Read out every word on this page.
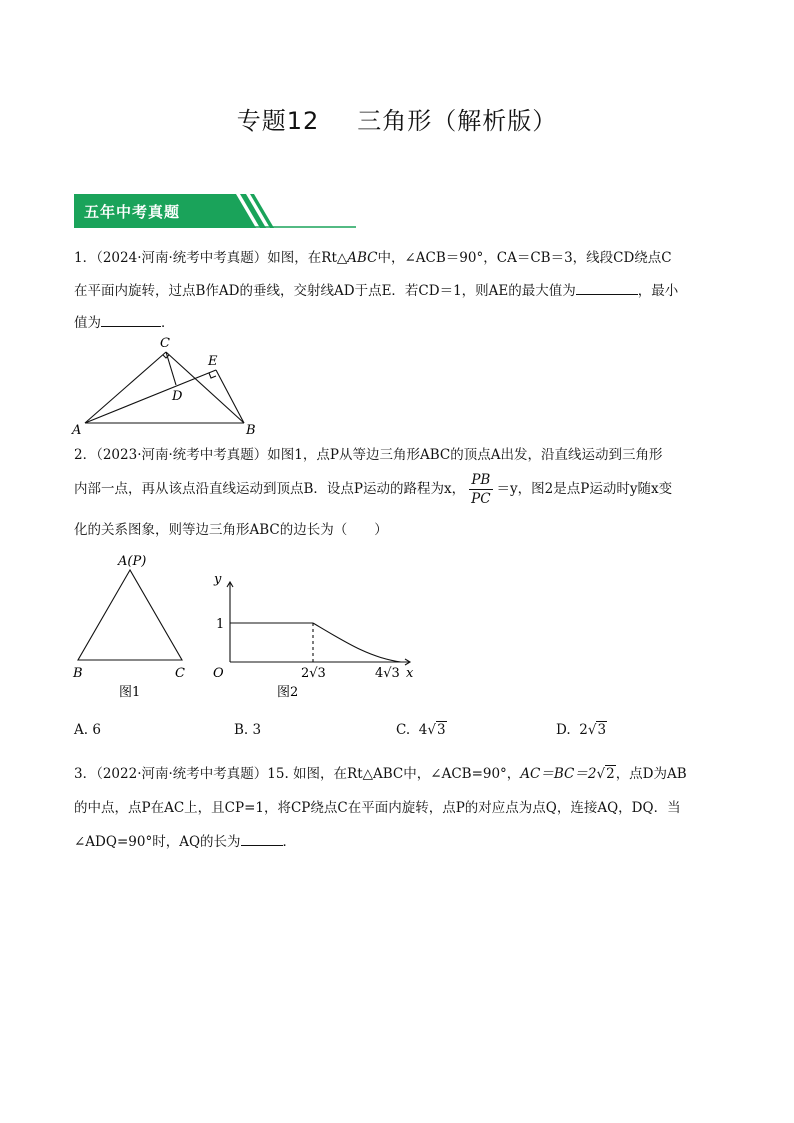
专题12 三角形（解析版）
五年中考真题
1．（2024·河南·统考中考真题）如图，在Rt△ABC中，∠ACB＝90°，CA＝CB＝3，线段CD绕点C
在平面内旋转，过点B作AD的垂线，交射线AD于点E．若CD＝1，则AE的最大值为	，最小
值为	．
C
E
D
A	B
2．（2023·河南·统考中考真题）如图1，点P从等边三角形ABC的顶点A出发，沿直线运动到三角形
内部一点，再从该点沿直线运动到顶点B．设点P运动的路程为x， $\frac{PB}{PC} =y$，图2是点P运动时y随x变
化的关系图象，则等边三角形ABC的边长为（　　）
A(P)
B	C
图1
y
x
O
1
2√3	4√3
图2
A. 6	B. 3	C. 4√3	D. 2√3
3．（2022·河南·统考中考真题）15. 如图，在Rt△ABC中，∠ACB=90°，AC＝BC＝2√2，点D为AB
的中点，点P在AC上，且CP=1，将CP绕点C在平面内旋转，点P的对应点为点Q，连接AQ，DQ．当
∠ADQ=90°时，AQ的长为	．
